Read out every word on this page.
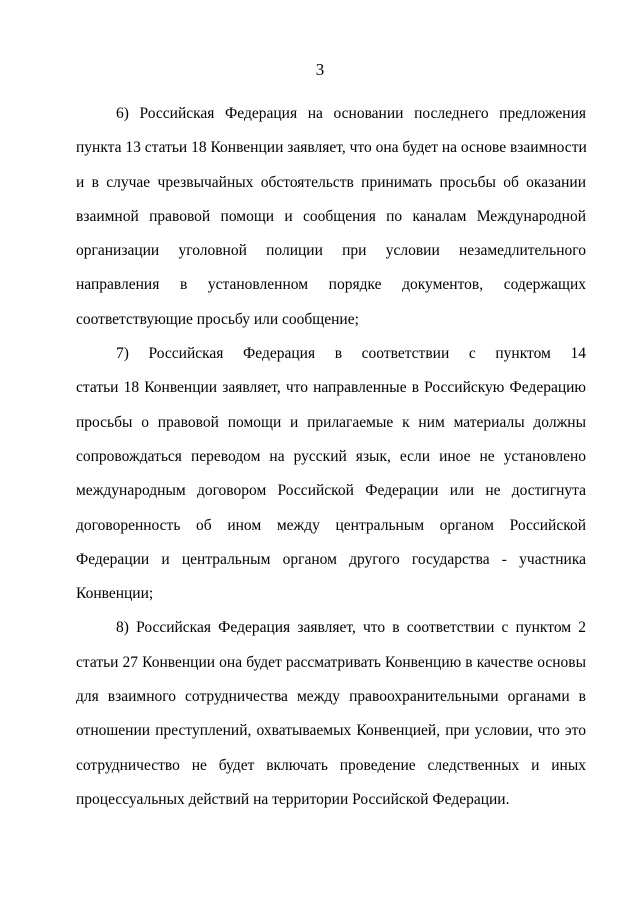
3
6) Российская Федерация на основании последнего предложения
пункта 13 статьи 18 Конвенции заявляет, что она будет на основе взаимности
и в случае чрезвычайных обстоятельств принимать просьбы об оказании
взаимной правовой помощи и сообщения по каналам Международной
организации уголовной полиции при условии незамедлительного
направления в установленном порядке документов, содержащих
соответствующие просьбу или сообщение;
7) Российская Федерация в соответствии с пунктом 14
статьи 18 Конвенции заявляет, что направленные в Российскую Федерацию
просьбы о правовой помощи и прилагаемые к ним материалы должны
сопровождаться переводом на русский язык, если иное не установлено
международным договором Российской Федерации или не достигнута
договоренность об ином между центральным органом Российской
Федерации и центральным органом другого государства - участника
Конвенции;
8) Российская Федерация заявляет, что в соответствии с пунктом 2
статьи 27 Конвенции она будет рассматривать Конвенцию в качестве основы
для взаимного сотрудничества между правоохранительными органами в
отношении преступлений, охватываемых Конвенцией, при условии, что это
сотрудничество не будет включать проведение следственных и иных
процессуальных действий на территории Российской Федерации.
